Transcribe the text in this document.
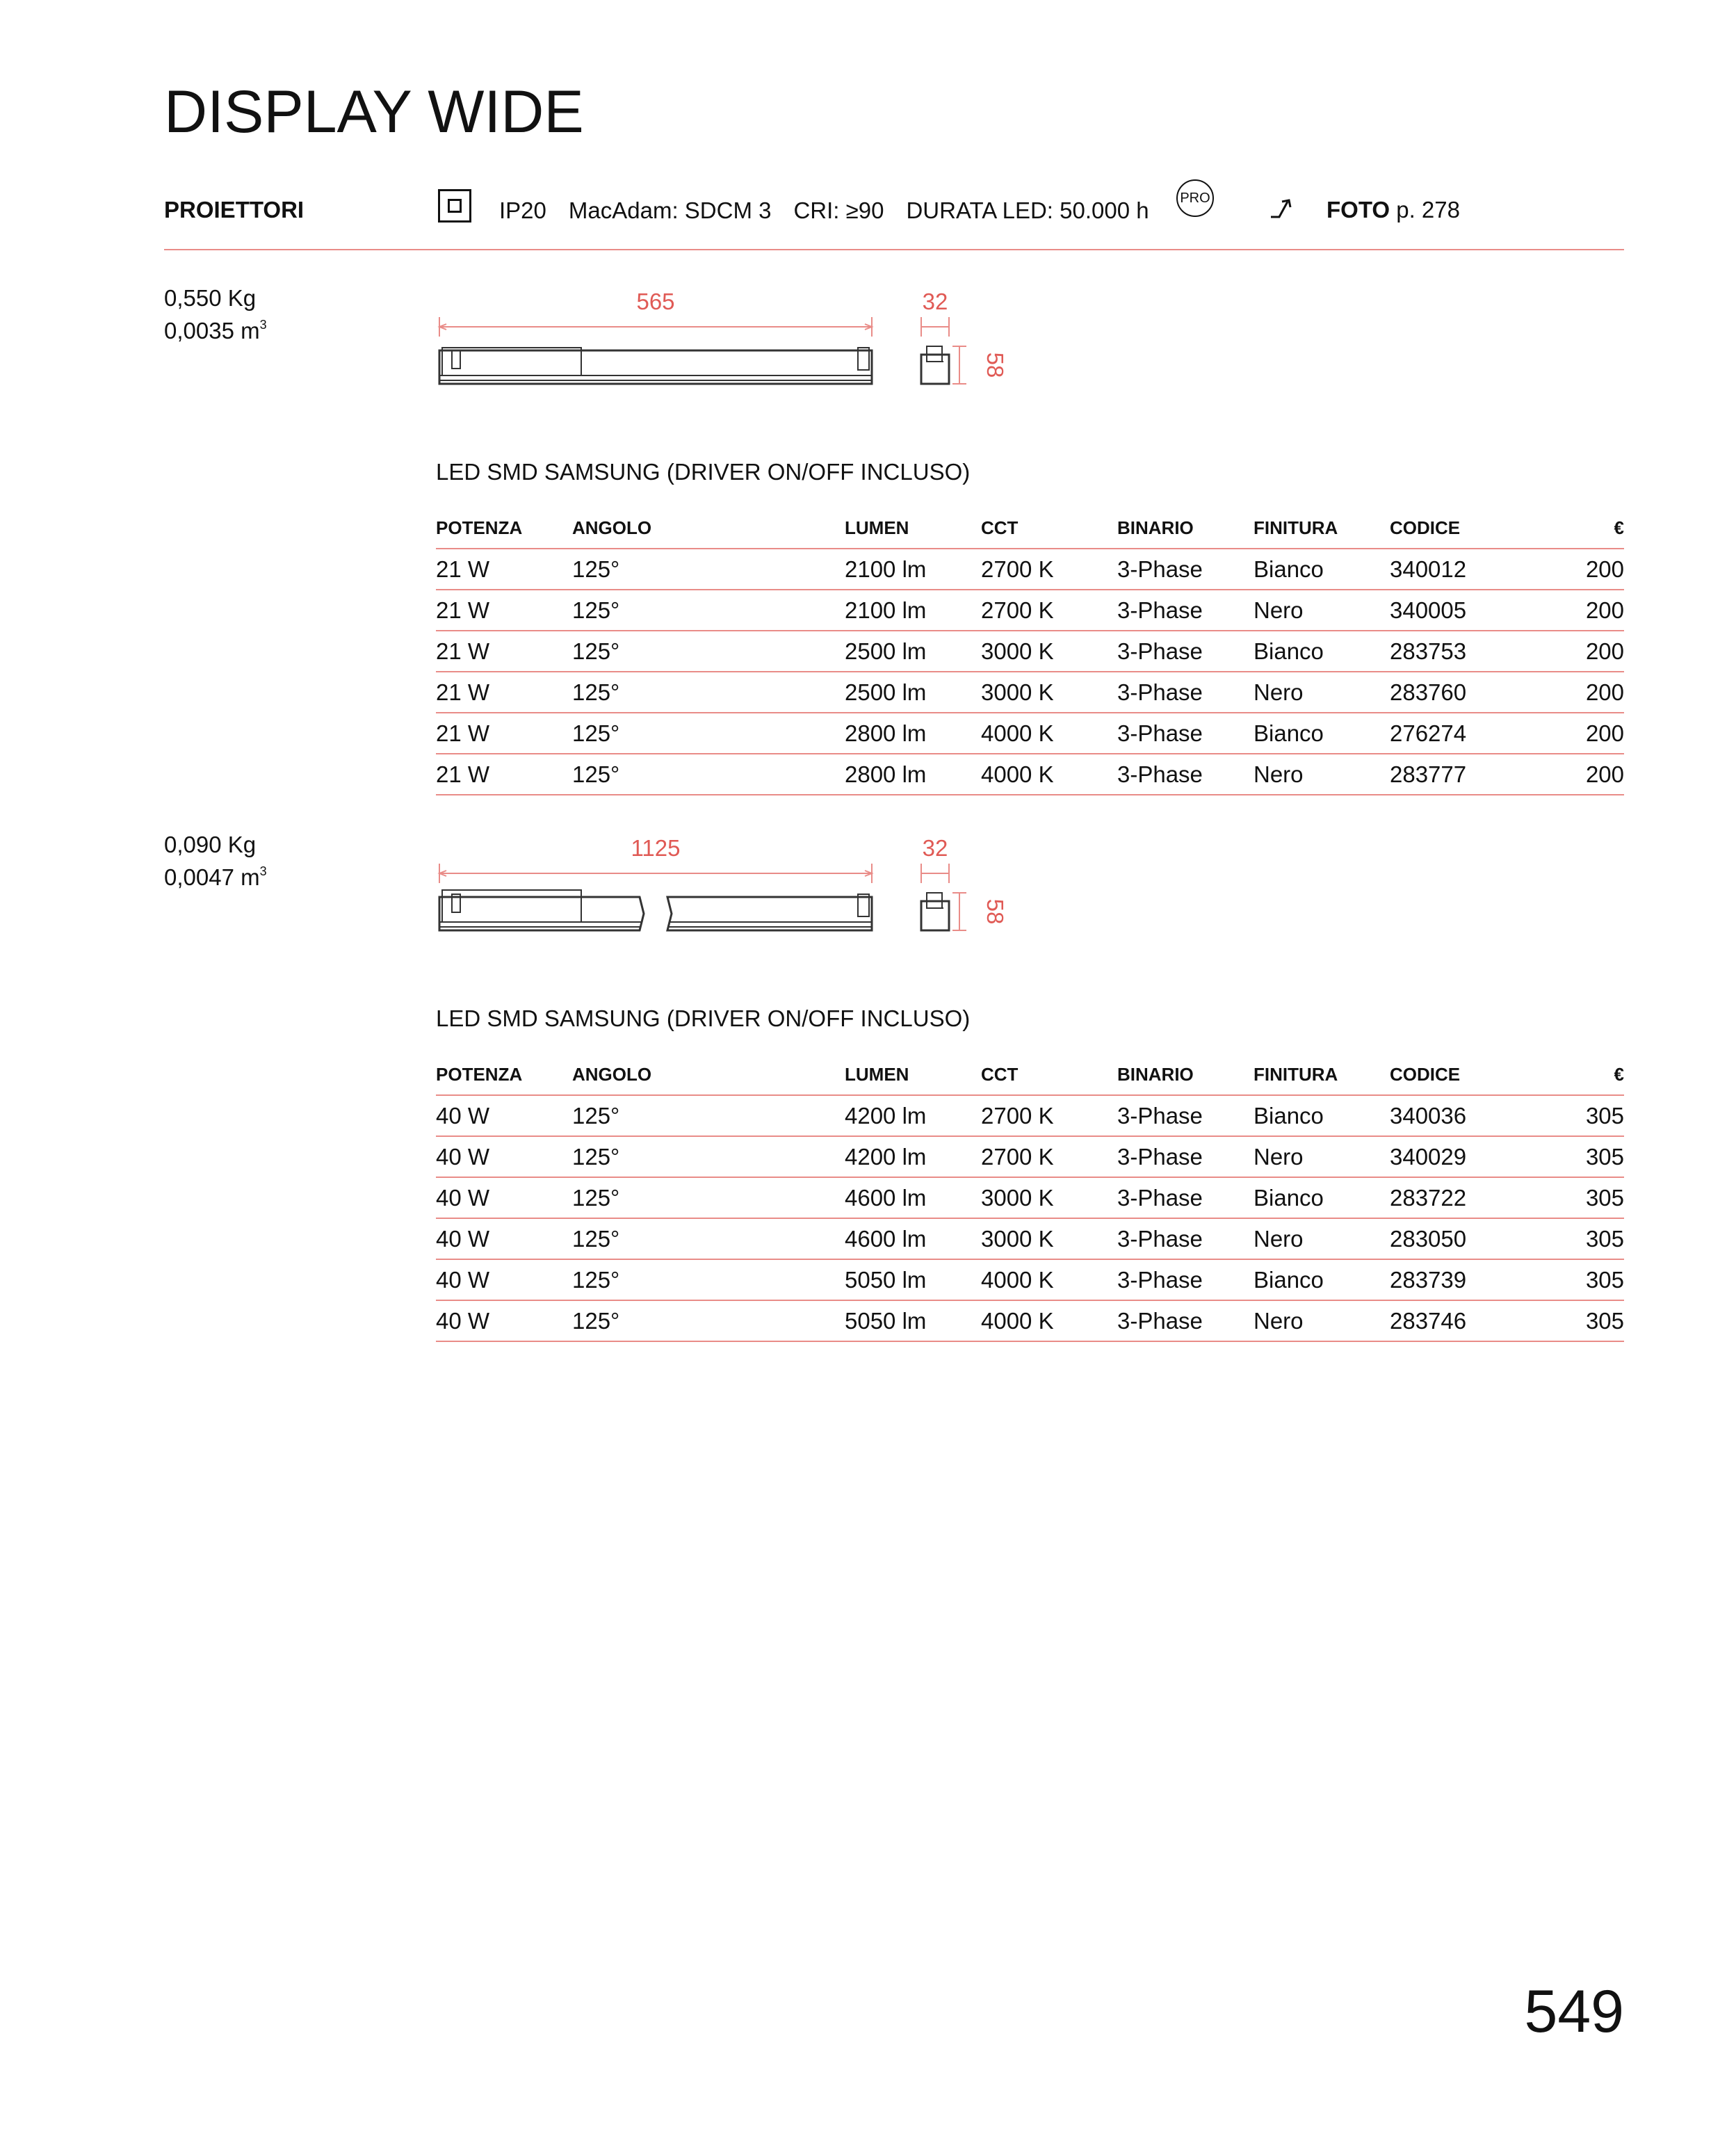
DISPLAY WIDE
PROIETTORI	IP20 MacAdam: SDCM 3 CRI: ≥90 DURATA LED: 50.000 h PRO	FOTO p. 278
0,550 Kg
0,0035 $m^3$
565	32
58
LED SMD SAMSUNG (DRIVER ON/OFF INCLUSO)
POTENZA	ANGOLO	LUMEN	CCT	BINARIO	FINITURA	CODICE	€
21 W	125°	2100 lm	2700 K	3-Phase	Bianco	340012	200
21 W	125°	2100 lm	2700 K	3-Phase	Nero	340005	200
21 W	125°	2500 lm	3000 K	3-Phase	Bianco	283753	200
21 W	125°	2500 lm	3000 K	3-Phase	Nero	283760	200
21 W	125°	2800 lm	4000 K	3-Phase	Bianco	276274	200
21 W	125°	2800 lm	4000 K	3-Phase	Nero	283777	200
0,090 Kg
0,0047 $m^3$
1125	32
58
LED SMD SAMSUNG (DRIVER ON/OFF INCLUSO)
POTENZA	ANGOLO	LUMEN	CCT	BINARIO	FINITURA	CODICE	€
40 W	125°	4200 lm	2700 K	3-Phase	Bianco	340036	305
40 W	125°	4200 lm	2700 K	3-Phase	Nero	340029	305
40 W	125°	4600 lm	3000 K	3-Phase	Bianco	283722	305
40 W	125°	4600 lm	3000 K	3-Phase	Nero	283050	305
40 W	125°	5050 lm	4000 K	3-Phase	Bianco	283739	305
40 W	125°	5050 lm	4000 K	3-Phase	Nero	283746	305
549
